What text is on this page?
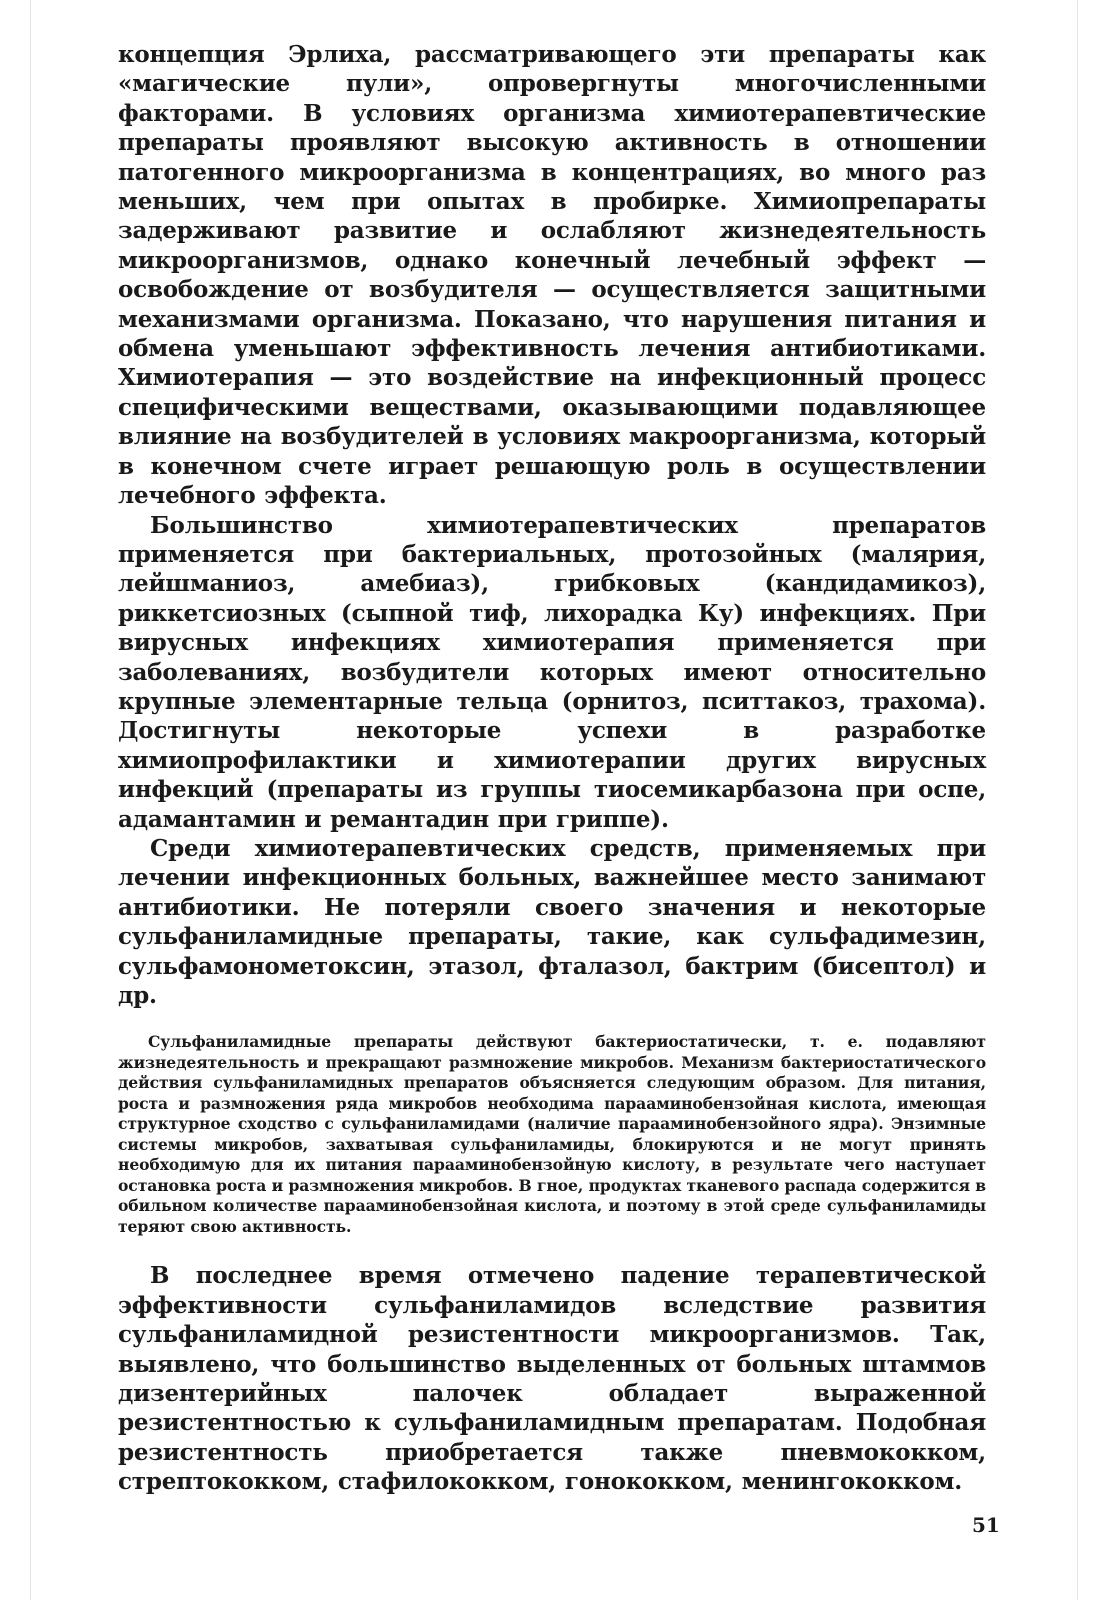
концепция Эрлиха, рассматривающего эти препараты как «магические пули», опровергнуты многочисленными факторами. В условиях организма химиотерапевтические препараты проявляют высокую активность в отношении патогенного микроорганизма в концентрациях, во много раз меньших, чем при опытах в пробирке. Химиопрепараты задерживают развитие и ослабляют жизнедеятельность микроорганизмов, однако конечный лечебный эффект — освобождение от возбудителя — осуществляется защитными механизмами организма. Показано, что нарушения питания и обмена уменьшают эффективность лечения антибиотиками. Химиотерапия — это воздействие на инфекционный процесс специфическими веществами, оказывающими подавляющее влияние на возбудителей в условиях макроорганизма, который в конечном счете играет решающую роль в осуществлении лечебного эффекта.

Большинство химиотерапевтических препаратов применяется при бактериальных, протозойных (малярия, лейшманиоз, амебиаз), грибковых (кандидамикоз), риккетсиозных (сыпной тиф, лихорадка Ку) инфекциях. При вирусных инфекциях химиотерапия применяется при заболеваниях, возбудители которых имеют относительно крупные элементарные тельца (орнитоз, пситтакоз, трахома). Достигнуты некоторые успехи в разработке химиопрофилактики и химиотерапии других вирусных инфекций (препараты из группы тиосемикарбазона при оспе, адамантамин и ремантадин при гриппе).

Среди химиотерапевтических средств, применяемых при лечении инфекционных больных, важнейшее место занимают антибиотики. Не потеряли своего значения и некоторые сульфаниламидные препараты, такие, как сульфадимезин, сульфамонометоксин, этазол, фталазол, бактрим (бисептол) и др.

Сульфаниламидные препараты действуют бактериостатически, т. е. подавляют жизнедеятельность и прекращают размножение микробов. Механизм бактериостатического действия сульфаниламидных препаратов объясняется следующим образом. Для питания, роста и размножения ряда микробов необходима парааминобензойная кислота, имеющая структурное сходство с сульфаниламидами (наличие парааминобензойного ядра). Энзимные системы микробов, захватывая сульфаниламиды, блокируются и не могут принять необходимую для их питания парааминобензойную кислоту, в результате чего наступает остановка роста и размножения микробов. В гное, продуктах тканевого распада содержится в обильном количестве парааминобензойная кислота, и поэтому в этой среде сульфаниламиды теряют свою активность.

В последнее время отмечено падение терапевтической эффективности сульфаниламидов вследствие развития сульфаниламидной резистентности микроорганизмов. Так, выявлено, что большинство выделенных от больных штаммов дизентерийных палочек обладает выраженной резистентностью к сульфаниламидным препаратам. Подобная резистентность приобретается также пневмококком, стрептококком, стафилококком, гонококком, менингококком.

51
